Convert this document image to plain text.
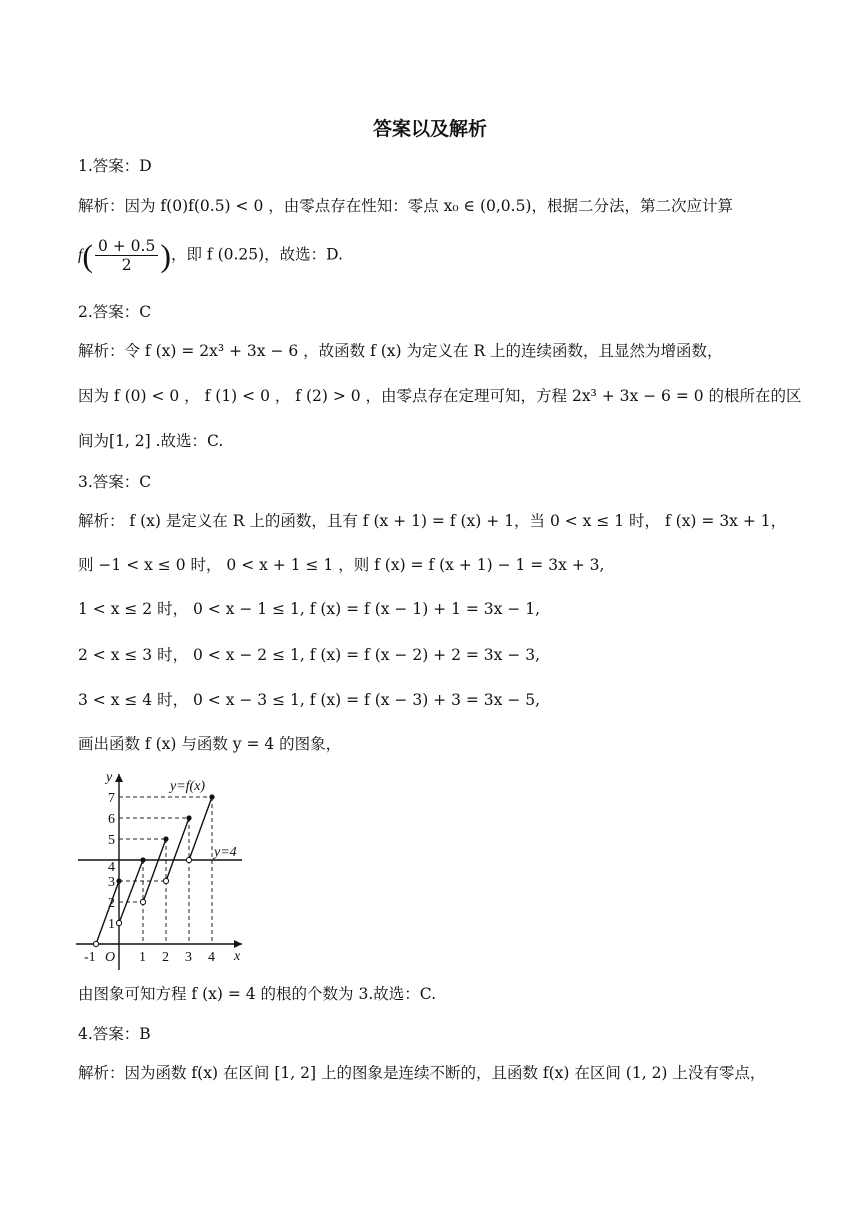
答案以及解析
1.答案：D
解析：因为 f(0)f(0.5) < 0 ，由零点存在性知：零点 x₀ ∈ (0,0.5)，根据二分法，第二次应计算
$f( \frac{0 + 0.5}{2}$ )，即 f (0.25)，故选：D.
2.答案：C
解析：令 f (x) = 2x³ + 3x − 6 ，故函数 f (x) 为定义在 R 上的连续函数，且显然为增函数，
因为 f (0) < 0 ， f (1) < 0 ， f (2) > 0 ，由零点存在定理可知，方程 2x³ + 3x − 6 = 0 的根所在的区
间为[1, 2] .故选：C.
3.答案：C
解析： f (x) 是定义在 R 上的函数，且有 f (x + 1) = f (x) + 1，当 0 < x ≤ 1 时， f (x) = 3x + 1，
则 −1 < x ≤ 0 时， 0 < x + 1 ≤ 1 ，则 f (x) = f (x + 1) − 1 = 3x + 3,
1 < x ≤ 2 时， 0 < x − 1 ≤ 1, f (x) = f (x − 1) + 1 = 3x − 1,
2 < x ≤ 3 时， 0 < x − 2 ≤ 1, f (x) = f (x − 2) + 2 = 3x − 3,
3 < x ≤ 4 时， 0 < x − 3 ≤ 1, f (x) = f (x − 3) + 3 = 3x − 5,
画出函数 f (x) 与函数 y = 4 的图象，
y
x
O
y=f(x)
y=4
-1	1 2 3 4
1
2
3
4
5
6
7
由图象可知方程 f (x) = 4 的根的个数为 3.故选：C.
4.答案：B
解析：因为函数 f(x) 在区间 [1, 2] 上的图象是连续不断的，且函数 f(x) 在区间 (1, 2) 上没有零点，
